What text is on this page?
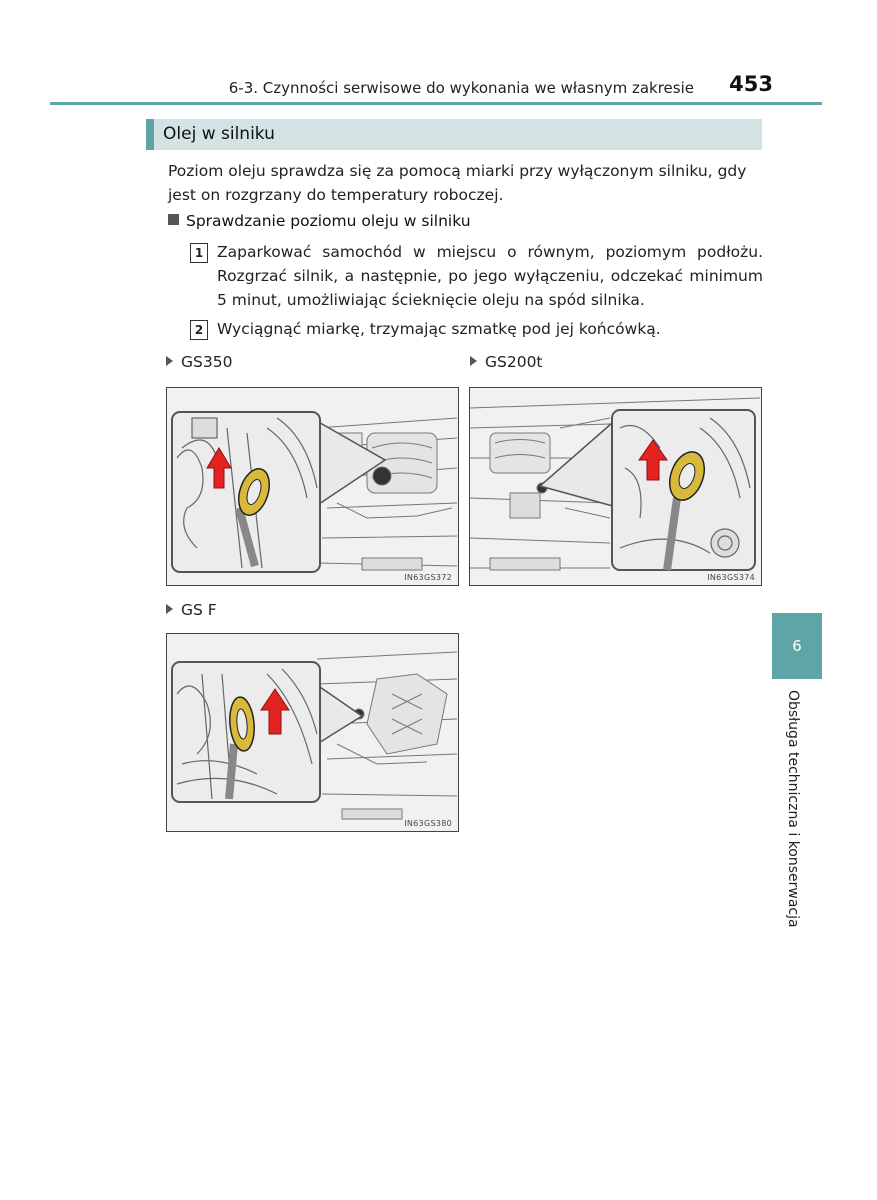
6-3. Czynności serwisowe do wykonania we własnym zakresie 453
Olej w silniku
Poziom oleju sprawdza się za pomocą miarki przy wyłączonym silniku, gdy jest on rozgrzany do temperatury roboczej.
Sprawdzanie poziomu oleju w silniku
1 Zaparkować samochód w miejscu o równym, poziomym podłożu. Rozgrzać silnik, a następnie, po jego wyłączeniu, odczekać minimum 5 minut, umożliwiając ścieknięcie oleju na spód silnika.
2 Wyciągnąć miarkę, trzymając szmatkę pod jej końcówką.
GS350	GS200t
IN63GS372	IN63GS374
GS F
IN63GS380
6
Obsługa techniczna i konserwacja
